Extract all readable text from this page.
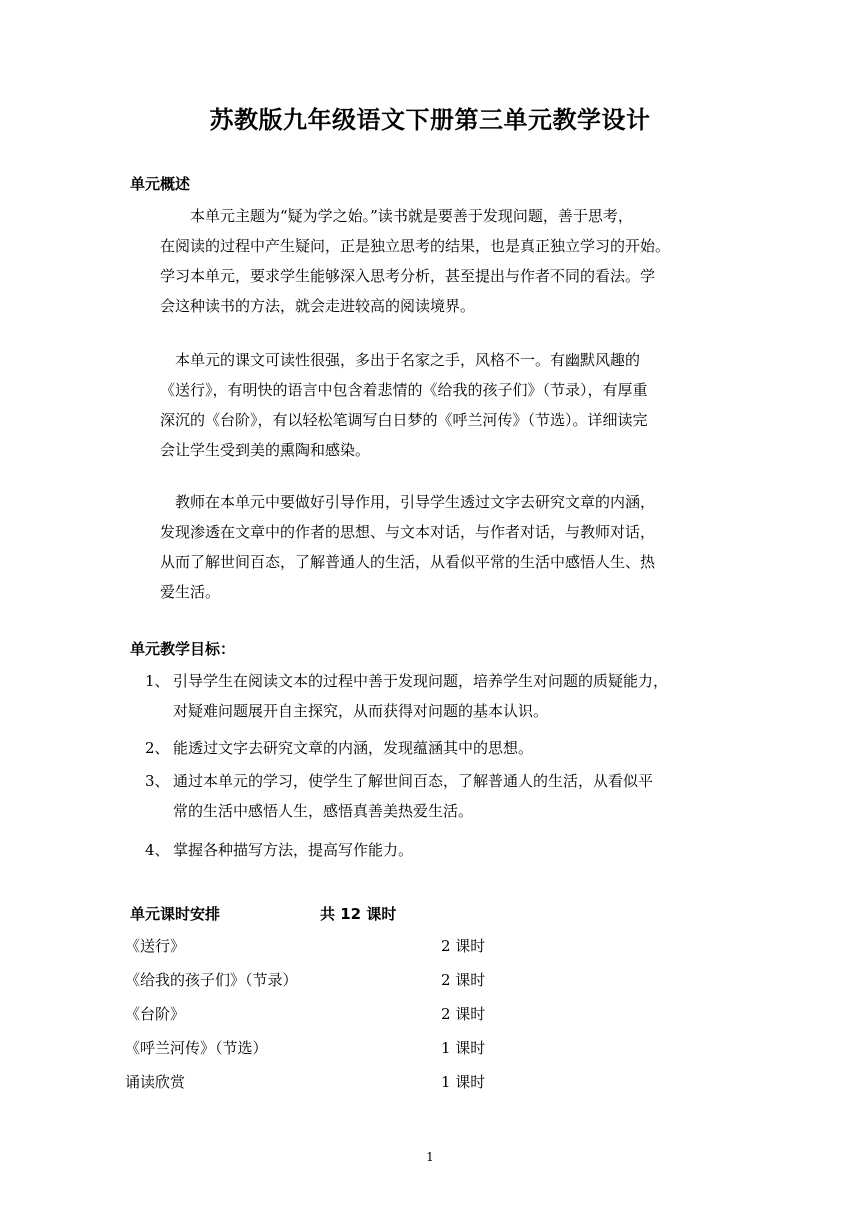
苏教版九年级语文下册第三单元教学设计
单元概述

　　本单元主题为“疑为学之始。”读书就是要善于发现问题，善于思考，

在阅读的过程中产生疑问，正是独立思考的结果，也是真正独立学习的开始。

学习本单元，要求学生能够深入思考分析，甚至提出与作者不同的看法。学

会这种读书的方法，就会走进较高的阅读境界。

　本单元的课文可读性很强，多出于名家之手，风格不一。有幽默风趣的

《送行》，有明快的语言中包含着悲情的《给我的孩子们》（节录），有厚重

深沉的《台阶》，有以轻松笔调写白日梦的《呼兰河传》（节选）。详细读完

会让学生受到美的熏陶和感染。

　教师在本单元中要做好引导作用，引导学生透过文字去研究文章的内涵，

发现渗透在文章中的作者的思想、与文本对话，与作者对话，与教师对话，

从而了解世间百态，了解普通人的生活，从看似平常的生活中感悟人生、热

爱生活。

单元教学目标：
1、 引导学生在阅读文本的过程中善于发现问题，培养学生对问题的质疑能力，
对疑难问题展开自主探究，从而获得对问题的基本认识。
2、 能透过文字去研究文章的内涵，发现蕴涵其中的思想。
3、 通过本单元的学习，使学生了解世间百态，了解普通人的生活，从看似平
常的生活中感悟人生，感悟真善美热爱生活。
4、 掌握各种描写方法，提高写作能力。
单元课时安排	共 12 课时
《送行》	2 课时
《给我的孩子们》（节录）	2 课时
《台阶》	2 课时
《呼兰河传》（节选）	1 课时
诵读欣赏	1 课时
1
